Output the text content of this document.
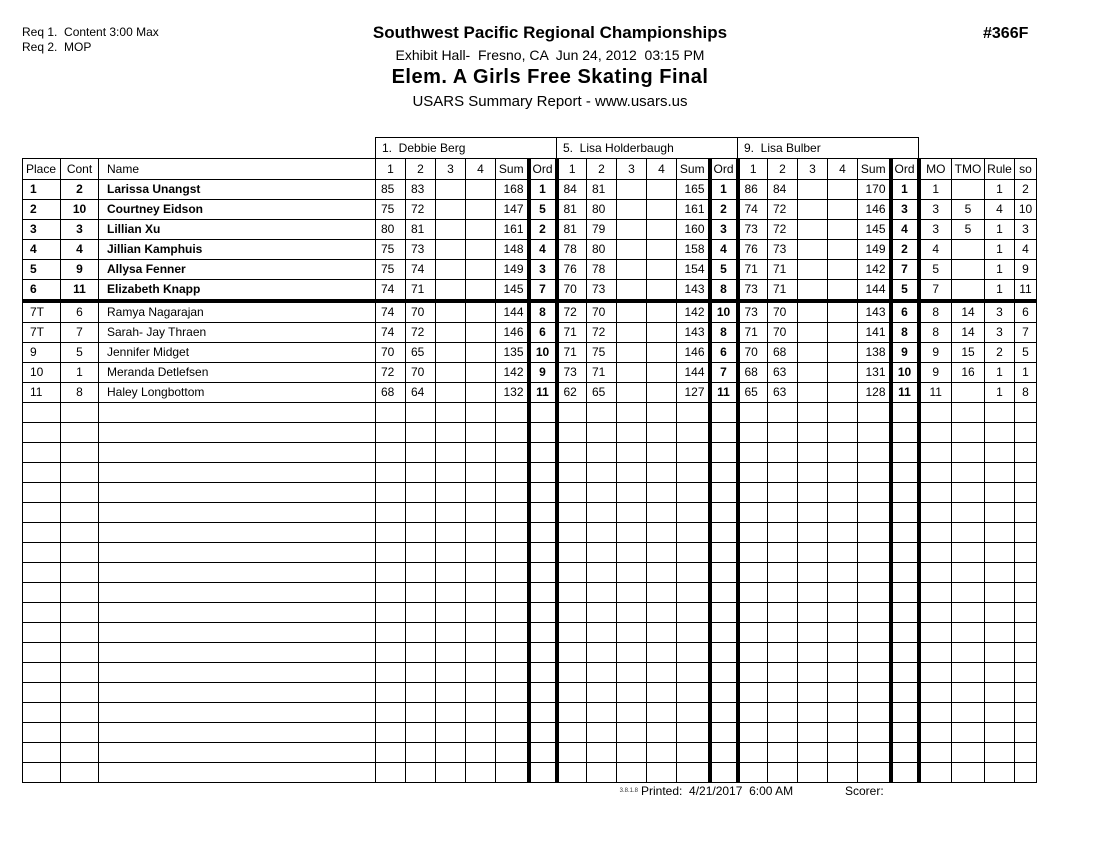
Req 1.  Content 3:00 Max
Req 2.  MOP
Southwest Pacific Regional Championships
Exhibit Hall-  Fresno, CA  Jun 24, 2012  03:15 PM
Elem. A Girls Free Skating Final
USARS Summary Report - www.usars.us
#366F
			1.  Debbie Berg						5.  Lisa Holderbaugh						9.  Lisa Bulber									
Place	Cont	Name	1	2	3	4	Sum	Ord	1	2	3	4	Sum	Ord	1	2	3	4	Sum	Ord	MO	TMO	Rule	so
1	2	Larissa Unangst	85	83			168	1	84	81			165	1	86	84			170	1	1		1	2
2	10	Courtney Eidson	75	72			147	5	81	80			161	2	74	72			146	3	3	5	4	10
3	3	Lillian Xu	80	81			161	2	81	79			160	3	73	72			145	4	3	5	1	3
4	4	Jillian Kamphuis	75	73			148	4	78	80			158	4	76	73			149	2	4		1	4
5	9	Allysa Fenner	75	74			149	3	76	78			154	5	71	71			142	7	5		1	9
6	11	Elizabeth Knapp	74	71			145	7	70	73			143	8	73	71			144	5	7		1	11
7T	6	Ramya Nagarajan	74	70			144	8	72	70			142	10	73	70			143	6	8	14	3	6
7T	7	Sarah- Jay Thraen	74	72			146	6	71	72			143	8	71	70			141	8	8	14	3	7
9	5	Jennifer Midget	70	65			135	10	71	75			146	6	70	68			138	9	9	15	2	5
10	1	Meranda Detlefsen	72	70			142	9	73	71			144	7	68	63			131	10	9	16	1	1
11	8	Haley Longbottom	68	64			132	11	62	65			127	11	65	63			128	11	11		1	8

3.8.1.8 Printed:  4/21/2017  6:00 AM	Scorer:
